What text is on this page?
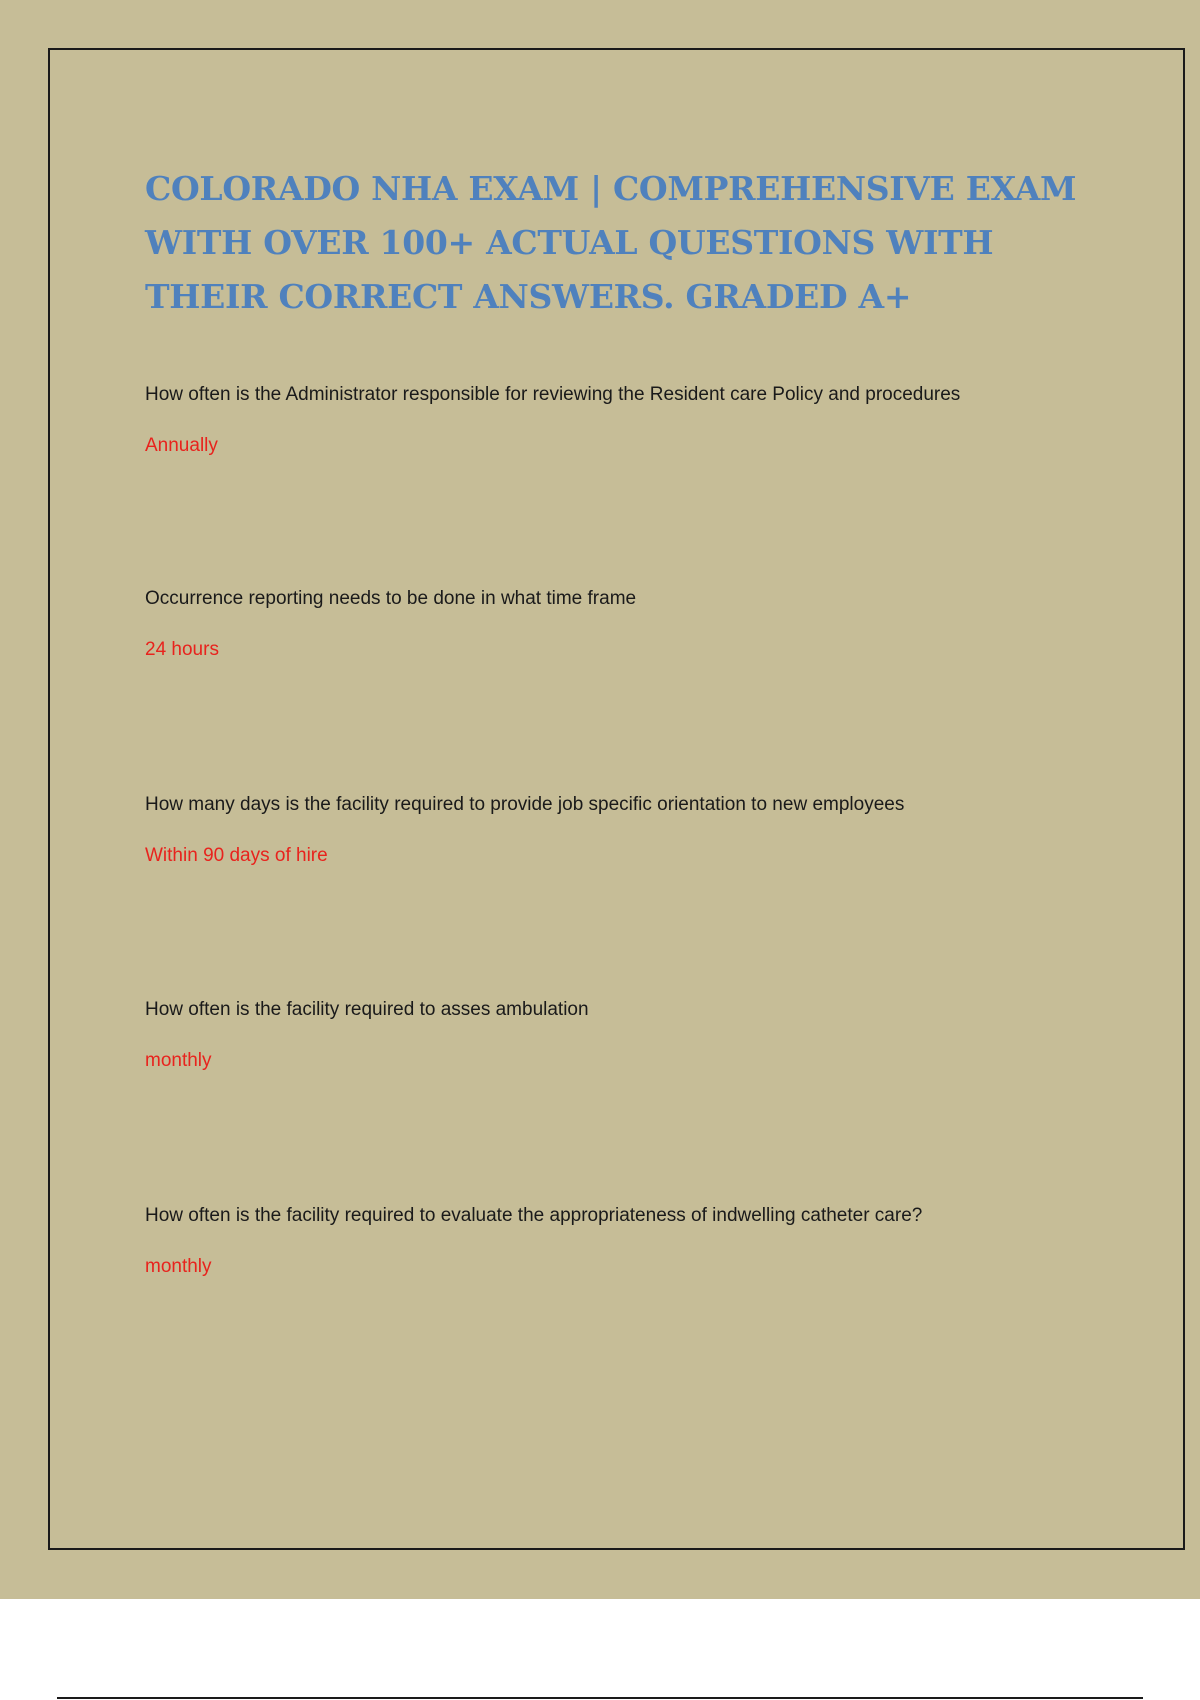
COLORADO NHA EXAM | COMPREHENSIVE EXAM WITH OVER 100+ ACTUAL QUESTIONS WITH THEIR CORRECT ANSWERS. GRADED A+

How often is the Administrator responsible for reviewing the Resident care Policy and procedures

Annually

Occurrence reporting needs to be done in what time frame

24 hours

How many days is the facility required to provide job specific orientation to new employees

Within 90 days of hire

How often is the facility required to asses ambulation

monthly

How often is the facility required to evaluate the appropriateness of indwelling catheter care?

monthly
